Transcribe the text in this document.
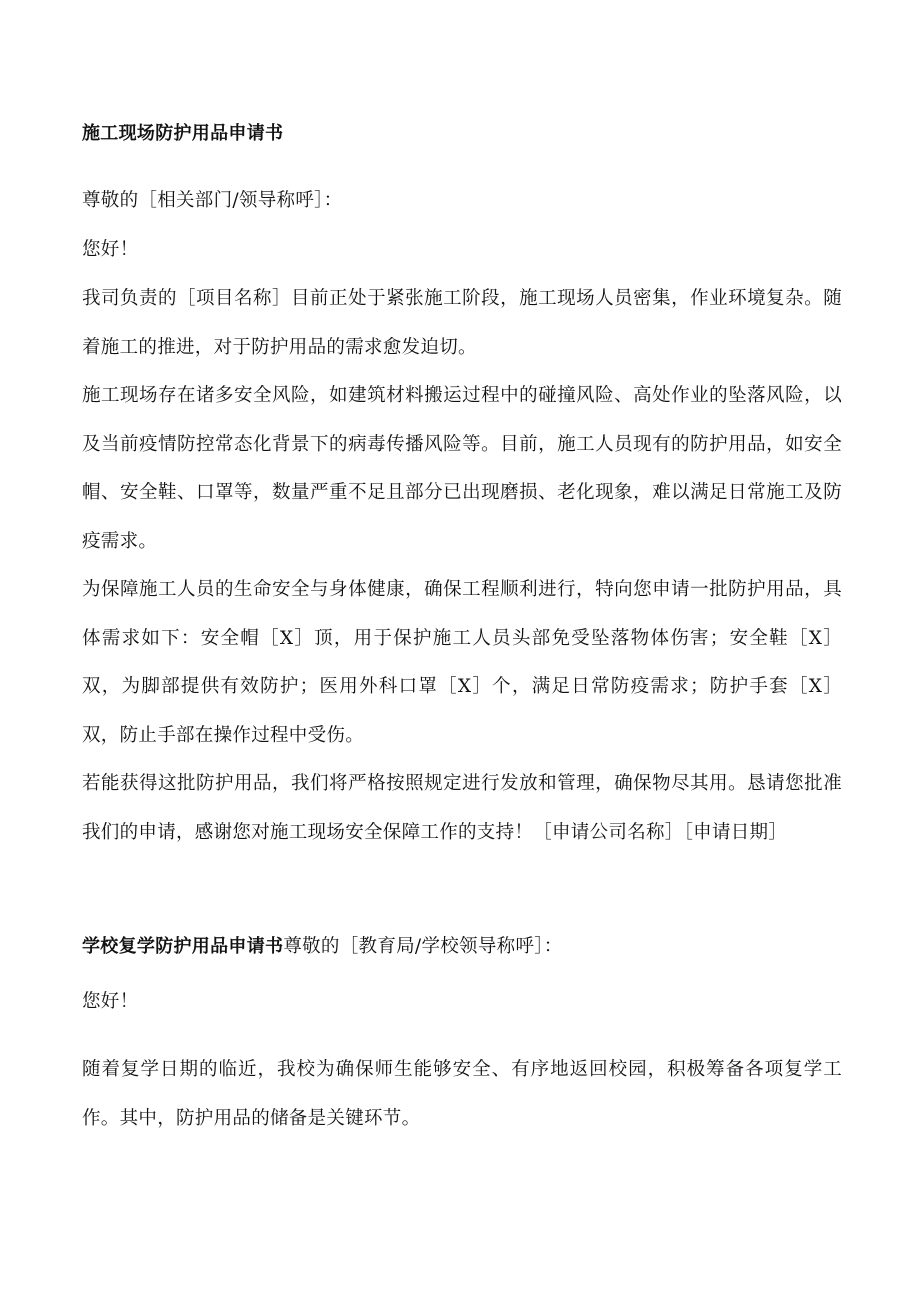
施工现场防护用品申请书

尊敬的［相关部门/领导称呼］：

您好！

我司负责的［项目名称］目前正处于紧张施工阶段，施工现场人员密集，作业环境复杂。随着施工的推进，对于防护用品的需求愈发迫切。

施工现场存在诸多安全风险，如建筑材料搬运过程中的碰撞风险、高处作业的坠落风险，以及当前疫情防控常态化背景下的病毒传播风险等。目前，施工人员现有的防护用品，如安全帽、安全鞋、口罩等，数量严重不足且部分已出现磨损、老化现象，难以满足日常施工及防疫需求。

为保障施工人员的生命安全与身体健康，确保工程顺利进行，特向您申请一批防护用品，具体需求如下：安全帽［X］顶，用于保护施工人员头部免受坠落物体伤害；安全鞋［X］双，为脚部提供有效防护；医用外科口罩［X］个，满足日常防疫需求；防护手套［X］双，防止手部在操作过程中受伤。

若能获得这批防护用品，我们将严格按照规定进行发放和管理，确保物尽其用。恳请您批准我们的申请，感谢您对施工现场安全保障工作的支持！［申请公司名称］［申请日期］

学校复学防护用品申请书尊敬的［教育局/学校领导称呼］：

您好！

随着复学日期的临近，我校为确保师生能够安全、有序地返回校园，积极筹备各项复学工作。其中，防护用品的储备是关键环节。
